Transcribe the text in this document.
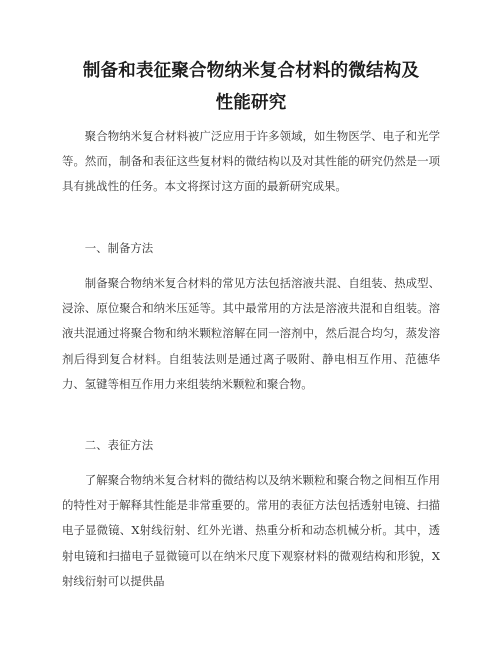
制备和表征聚合物纳米复合材料的微结构及
性能研究

聚合物纳米复合材料被广泛应用于许多领域，如生物医学、电子和光学等。然而，制备和表征这些复材料的微结构以及对其性能的研究仍然是一项具有挑战性的任务。本文将探讨这方面的最新研究成果。

一、制备方法

制备聚合物纳米复合材料的常见方法包括溶液共混、自组装、热成型、浸涂、原位聚合和纳米压延等。其中最常用的方法是溶液共混和自组装。溶液共混通过将聚合物和纳米颗粒溶解在同一溶剂中，然后混合均匀，蒸发溶剂后得到复合材料。自组装法则是通过离子吸附、静电相互作用、范德华力、氢键等相互作用力来组装纳米颗粒和聚合物。

二、表征方法

了解聚合物纳米复合材料的微结构以及纳米颗粒和聚合物之间相互作用的特性对于解释其性能是非常重要的。常用的表征方法包括透射电镜、扫描电子显微镜、X射线衍射、红外光谱、热重分析和动态机械分析。其中，透射电镜和扫描电子显微镜可以在纳米尺度下观察材料的微观结构和形貌，X射线衍射可以提供晶
